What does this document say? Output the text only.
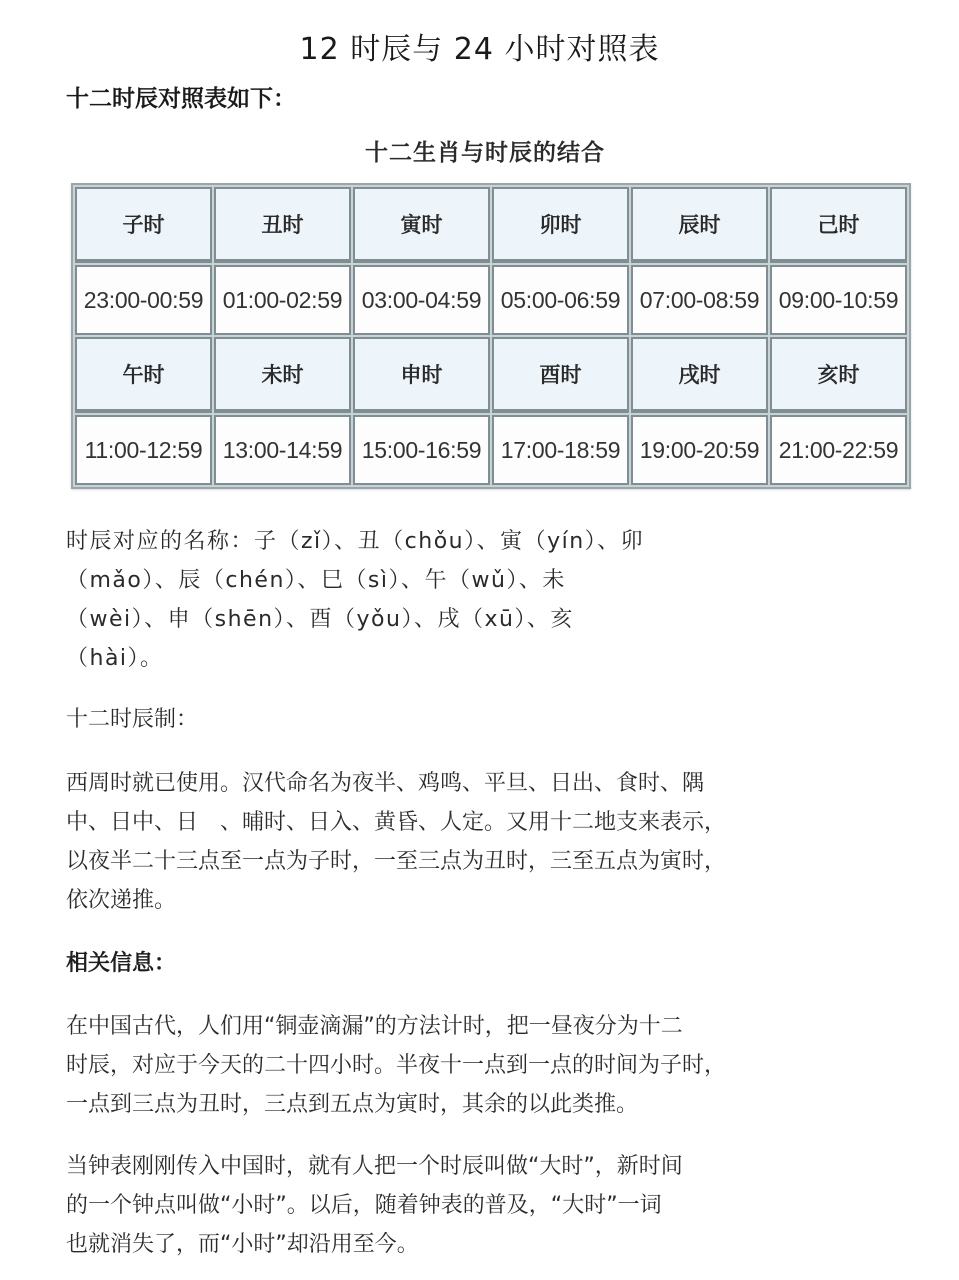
12 时辰与 24 小时对照表
十二时辰对照表如下：
十二生肖与时辰的结合
子时	丑时	寅时	卯时	辰时	己时
23:00-00:59	01:00-02:59	03:00-04:59	05:00-06:59	07:00-08:59	09:00-10:59
午时	未时	申时	酉时	戌时	亥时
11:00-12:59	13:00-14:59	15:00-16:59	17:00-18:59	19:00-20:59	21:00-22:59

时辰对应的名称：子（zǐ）、丑（chǒu）、寅（yín）、卯

（mǎo）、辰（chén）、巳（sì）、午（wǔ）、未

（wèi）、申（shēn）、酉（yǒu）、戌（xū）、亥

（hài）。

十二时辰制：

西周时就已使用。汉代命名为夜半、鸡鸣、平旦、日出、食时、隅

中、日中、日　、晡时、日入、黄昏、人定。又用十二地支来表示，

以夜半二十三点至一点为子时，一至三点为丑时，三至五点为寅时，

依次递推。

相关信息：

在中国古代，人们用“铜壶滴漏”的方法计时，把一昼夜分为十二

时辰，对应于今天的二十四小时。半夜十一点到一点的时间为子时，

一点到三点为丑时，三点到五点为寅时，其余的以此类推。

当钟表刚刚传入中国时，就有人把一个时辰叫做“大时”，新时间

的一个钟点叫做“小时”。以后，随着钟表的普及，“大时”一词

也就消失了，而“小时”却沿用至今。
